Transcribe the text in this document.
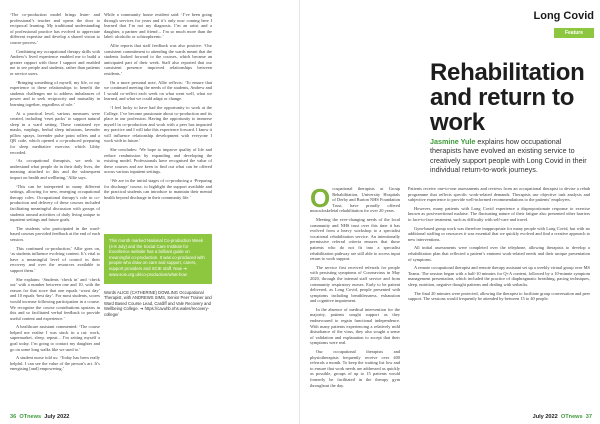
‘The co-production model brings learn- and professional’s teacher and opens the door to reciprocal learning. My traditional understanding of professional practice has evolved to appreciate different expertise and develop a shared vision to course process.’

Combining my occupational therapy skills with Andrew’s lived experience enabled me to build a greater rapport with those I support and enabled me to see people and students, rather than patients or service users.

‘Bringing something of myself, my life, or my experience to these relationships to benefit the students challenges me to address imbalances of power and to seek reciprocity and mutuality in learning together, regardless of role.’

At a practical level, various measures were created, including ‘reset packs’ to support natural sleep in a ward setting. These contained eye masks, earplugs, herbal sleep infusions, lavender pillow sprays, lavender pulse point rollers and a QR code, which opened a co-produced preparing for sleep meditative exercise, which Libby recorded.

‘As occupational therapists, we seek to understand what people do in their daily lives, the meaning attached to this and the subsequent impact on health and wellbeing,’ Allie says.

‘This can be interpreted in many different settings, allowing for new, emerging occupational therapy roles. Occupational therapy’s role in co-production and delivery of these courses included facilitating meaningful discussion with groups of students around activities of daily living unique to inpatient settings and future goals.

The students who participated in the ward-based courses provided feedback at the end of each session.

This continued co-production,’ Allie goes on, ‘as students influence evolving content. It’s vital to have a meaningful level of control in their recovery and over the resources available to support them.’

She explains: ‘Students ‘check in’ and ‘check out’ with a number between one and 10, with the reason for that score that one equals ‘worst day’ and 10 equals ‘best day’. For most students, scores would increase following participation in a course. We recognise the course contributions upstairs in this and so facilitated verbal feedback to provide useful content and experience.’

A healthcare assistant commented: ‘The course helped me realise I was stuck in a rut: work, supermarket, sleep, repeat... I’m setting myself a goal today. I’m going to contact my daughter and go on some long walks like we used to.’

A student nurse told us: ‘Today has been really helpful. I can see the value of the person’s art. It’s energising [and] empowering.’

While a community house resident said: ‘I’ve been going through services for years and it’s only now coming here I learned that I’m not my diagnosis. I’m an artist and a daughter, a partner and friend – I’m so much more than the label: alcoholic or schizophrenic.’

Allie reports that staff feedback was also positive. ‘Our consistent commitment to attending the wards meant that the students looked forward to the courses, which became an anticipated part of their week. Staff also reported that our consistent presence improved relationships between residents.’

On a more personal note, Allie reflects: ‘To ensure that we continued meeting the needs of the students, Andrew and I would co-reflect each week on what went well, what we learned, and what we could adapt or change.

‘I feel lucky to have had the opportunity to work at the College. I’ve become passionate about co-production and its place in our profession. Having the opportunity to immerse myself in co-production and work with a peer has impacted my practice and I will take this experience forward. I know it will influence relationship development with everyone I work with in future.’

She concludes: ‘We hope to improve quality of life and reduce readmission by expanding and developing the existing model. Professionals have recognised the value of these courses and are keen to find out what can be offered across various inpatient settings.

‘We are in the initial stages of co-producing a ‘Preparing for discharge’ course, to highlight the support available and the practical students can introduce to maintain their mental health beyond discharge in their community life.’

This month marked National Co-production Week (4-8 July) and the Social Care Institute for Excellence website has a brilliant guide on meaningful co-production. It was co-produced with people who draw on care and support, carers, support providers and SCIE staff. Now ➜ www.scie.org.uk/co-production/what-how
Words ALICE (CATHERINE) DOWLING Occupational Therapist, with ANDREWS SIMS, Senior Peer Trainer and Ward Based Course Lead, Cardiff and Vale Recovery and Wellbeing College. ➜ https://cavuhb.nhs.wales/recovery-college/
36 OTnews July 2022
Long Covid
Feature
Rehabilitation and return to work
Jasmine Yule explains how occupational therapists have evolved an existing service to creatively support people with Long Covid in their individual return-to-work journeys.

Occupational therapists at Group Rehabilitation, University Hospitals of Derby and Burton NHS Foundation Trust, have proudly offered musculoskeletal rehabilitation for over 20 years.

Meeting the ever-changing needs of the local community and NHS trust over this time it has evolved from a heavy workshop to a specialist vocational rehabilitation service. An intentionally permissive referral criteria ensures that those patients who do not fit into a specialist rehabilitation pathway are still able to access input return to work support.

The service first received referrals for people with persisting symptoms of Coronavirus in May 2020, through the internal staff service and from community respiratory nurses. Early to be patient delivered, as Long Covid, people presented with symptoms including breathlessness, exhaustion and cognitive impairment.

In the absence of medical intervention for the majority, patients sought support as they endeavoured to regain functional independence. With many patients experiencing a relatively mild disturbance of the virus, they also sought a sense of validation and explanation to accept that their symptoms were real.

Our occupational therapists and physiotherapists frequently receive over 400 referrals a month. To keep the waiting list low and to ensure that work needs are addressed as quickly as possible, groups of up to 15 patients would formerly be facilitated in the therapy gym throughout the day.

Patients receive one-to-one assessments and reviews from an occupational therapist to devise a rehab programme that reflects specific work-related demands. Therapists use objective task analysis and subjective experience to provide well-informed recommendations to the patients’ employers.

However, many patients with Long Covid experience a disproportionate response to exercise known as post-exertional malaise. The fluctuating nature of their fatigue also presented other barriers to face-to-face treatment, such as difficulty with self-care and travel.

Gym-based group work was therefore inappropriate for many people with Long Covid, but with no additional staffing or resources it was essential that we quickly evolved and find a creative approach to new interventions.

All initial assessments were completed over the telephone, allowing therapists to develop a rehabilitation plan that reflected a patient’s eminent work-related needs and their unique presentation of symptoms.

A remote occupational therapist and remote therapy assistant set up a weekly virtual group over MS Teams. The session began with a half-10 minutes for Q+A content, followed by a 10-minute symptom management presentation, which included the practice of diaphragmatic breathing, pacing techniques, sleep, nutrition, negative thought patterns and dealing with setbacks.

The final 20 minutes were protected, allowing the therapist to facilitate group conversation and peer support. The sessions would frequently be attended by between 15 to 40 people.

July 2022 OTnews 37
